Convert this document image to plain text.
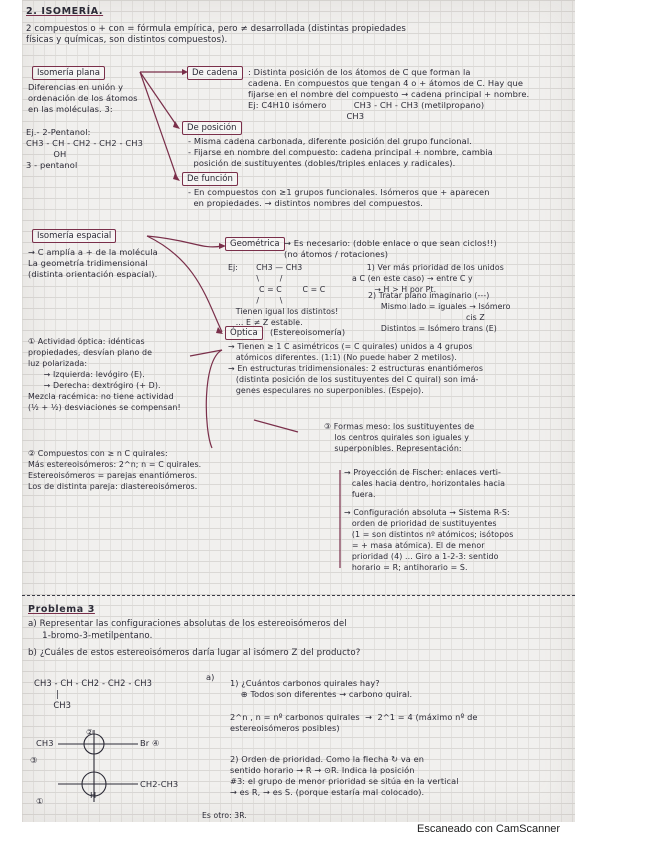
2. ISOMERÍA.
2 compuestos o + con = fórmula empírica, pero ≠ desarrollada (distintas propiedades
físicas y químicas, son distintos compuestos).
Isomería plana
Diferencias en unión y
ordenación de los átomos
en las moléculas. 3:
Ej.- 2-Pentanol:
CH3 - CH - CH2 - CH2 - CH3
OH
3 - pentanol
De cadena	: Distinta posición de los átomos de C que forman la
cadena. En compuestos que tengan 4 o + átomos de C. Hay que
fijarse en el nombre del compuesto → cadena principal + nombre.
Ej: C4H10 isómero          CH3 - CH - CH3 (metilpropano)
CH3
De posición
- Misma cadena carbonada, diferente posición del grupo funcional.
- Fijarse en nombre del compuesto: cadena principal + nombre, cambia
posición de sustituyentes (dobles/triples enlaces y radicales).
De función
- En compuestos con ≥1 grupos funcionales. Isómeros que + aparecen
en propiedades. → distintos nombres del compuestos.
Isomería espacial
→ C amplía a + de la molécula
La geometría tridimensional
(distinta orientación espacial).
Geométrica → Es necesario: (doble enlace o que sean ciclos!!)
(no átomos / rotaciones)
Ej:       CH3 — CH3                         1) Ver más prioridad de los unidos
\        /                           a C (en este caso) → entre C y
C = C        C = C                   → H > H por Pt.
/        \
Tienen igual los distintos!
... E ≠ Z estable.
2) Tratar plano imaginario (---)
Mismo lado = iguales → Isómero
cis Z
Distintos = Isómero trans (E)
Óptica	(Estereoisomería)
→ Tienen ≥ 1 C asimétricos (= C quirales) unidos a 4 grupos
atómicos diferentes. (1:1) (No puede haber 2 metilos).
→ En estructuras tridimensionales: 2 estructuras enantiómeros
(distinta posición de los sustituyentes del C quiral) son imá-
genes especulares no superponibles. (Espejo).
① Actividad óptica: idénticas
propiedades, desvían plano de
luz polarizada:
→ Izquierda: levógiro (E).
→ Derecha: dextrógiro (+ D).
Mezcla racémica: no tiene actividad
(½ + ½) desviaciones se compensan!
② Compuestos con ≥ n C quirales:
Más estereoisómeros: 2^n; n = C quirales.
Estereoisómeros = parejas enantiómeros.
Los de distinta pareja: diastereoisómeros.
③ Formas meso: los sustituyentes de
los centros quirales son iguales y
superponibles. Representación:
→ Proyección de Fischer: enlaces verti-
cales hacia dentro, horizontales hacia
fuera.
→ Configuración absoluta → Sistema R-S:
orden de prioridad de sustituyentes
(1 = son distintos nº atómicos; isótopos
= + masa atómica). El de menor
prioridad (4) ... Giro a 1-2-3: sentido
horario = R; antihorario = S.
Problema 3
a) Representar las configuraciones absolutas de los estereoisómeros del
1-bromo-3-metilpentano.
b) ¿Cuáles de estos estereoisómeros daría lugar al isómero Z del producto?
CH3 - CH - CH2 - CH2 - CH3
|
CH3
a)
1) ¿Cuántos carbonos quirales hay?
⊕ Todos son diferentes → carbono quiral.
2^n , n = nº carbonos quirales  →  2^1 = 4 (máximo nº de
estereoisómeros posibles)
2) Orden de prioridad. Como la flecha ↻ va en
sentido horario → R → ⊙R. Indica la posición
#3: el grupo de menor prioridad se sitúa en la vertical
→ es R, → es S. (porque estaría mal colocado).
CH3	Br ④
CH2-CH3
②
③
①
H
Es otro: 3R.
Escaneado con CamScanner
